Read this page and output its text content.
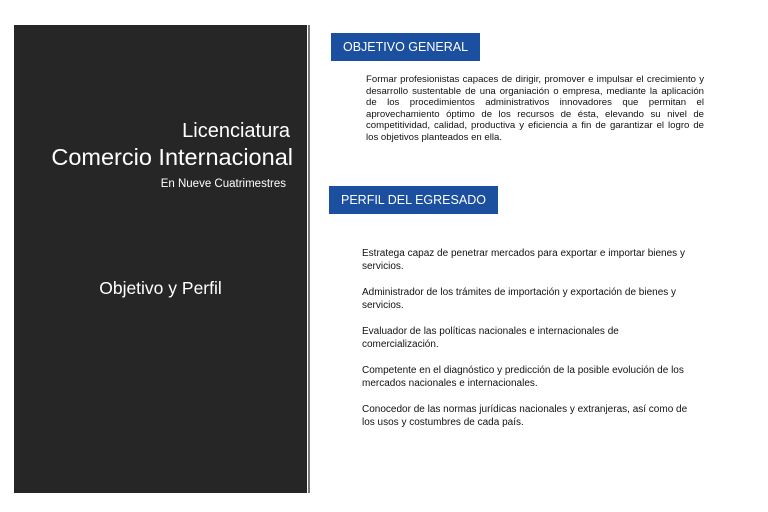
Licenciatura
Comercio Internacional
En Nueve Cuatrimestres
Objetivo y Perfil
OBJETIVO GENERAL

Formar profesionistas capaces de dirigir, promover e impulsar el crecimiento y desarrollo sustentable de una organiación o empresa, mediante la aplicación de los procedimientos administrativos innovadores que permitan el aprovechamiento óptimo de los recursos de ésta, elevando su nivel de competitividad, calidad, productiva y eficiencia a fin de garantizar el logro de los objetivos planteados en ella.

PERFIL DEL EGRESADO
Estratega capaz de penetrar mercados para exportar e importar bienes y servicios.
Administrador de los trámites de importación y exportación de bienes y servicios.
Evaluador de las políticas nacionales e internacionales de comercialización.
Competente en el diagnóstico y predicción de la posible evolución de los mercados nacionales e internacionales.
Conocedor de las normas jurídicas nacionales y extranjeras, así como de los usos y costumbres de cada país.
